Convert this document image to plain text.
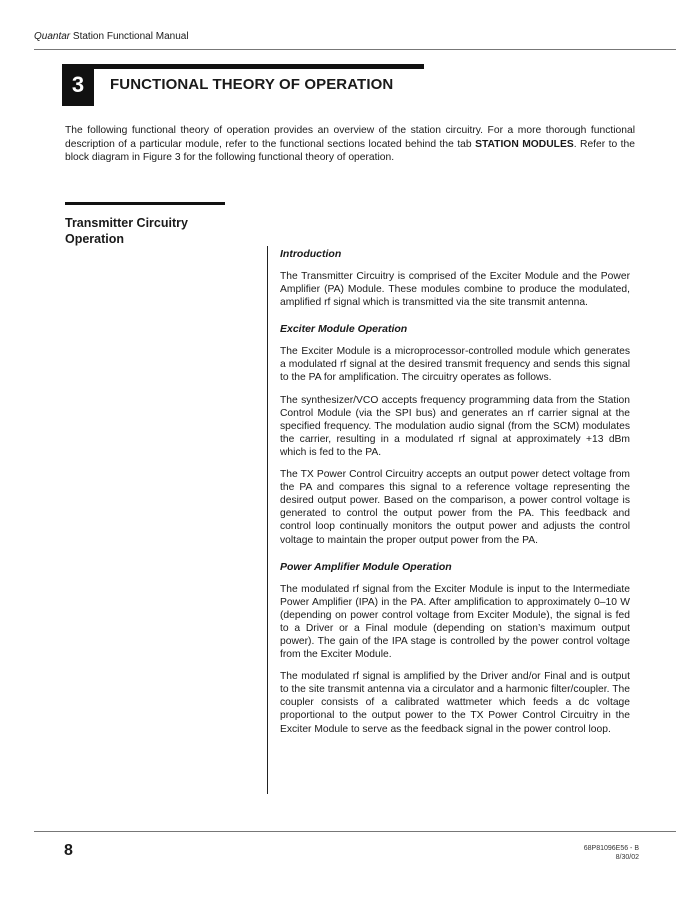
Quantar Station Functional Manual
3 FUNCTIONAL THEORY OF OPERATION
The following functional theory of operation provides an overview of the station circuitry. For a more thorough functional description of a particular module, refer to the functional sections located behind the tab STATION MODULES. Refer to the block diagram in Figure 3 for the following functional theory of operation.
Transmitter Circuitry Operation
Introduction

The Transmitter Circuitry is comprised of the Exciter Module and the Power Amplifier (PA) Module. These modules combine to produce the modulated, amplified rf signal which is transmitted via the site transmit antenna.

Exciter Module Operation

The Exciter Module is a microprocessor-controlled module which generates a modulated rf signal at the desired transmit frequency and sends this signal to the PA for amplification. The circuitry operates as follows.

The synthesizer/VCO accepts frequency programming data from the Station Control Module (via the SPI bus) and generates an rf carrier signal at the specified frequency. The modulation audio signal (from the SCM) modulates the carrier, resulting in a modulated rf signal at approximately +13 dBm which is fed to the PA.

The TX Power Control Circuitry accepts an output power detect voltage from the PA and compares this signal to a reference voltage representing the desired output power. Based on the comparison, a power control voltage is generated to control the output power from the PA. This feedback and control loop continually monitors the output power and adjusts the control voltage to maintain the proper output power from the PA.

Power Amplifier Module Operation

The modulated rf signal from the Exciter Module is input to the Intermediate Power Amplifier (IPA) in the PA. After amplification to approximately 0–10 W (depending on power control voltage from Exciter Module), the signal is fed to a Driver or a Final module (depending on station’s maximum output power). The gain of the IPA stage is controlled by the power control voltage from the Exciter Module.

The modulated rf signal is amplified by the Driver and/or Final and is output to the site transmit antenna via a circulator and a harmonic filter/coupler. The coupler consists of a calibrated wattmeter which feeds a dc voltage proportional to the output power to the TX Power Control Circuitry in the Exciter Module to serve as the feedback signal in the power control loop.

8	68P81096E56 - B
8/30/02
